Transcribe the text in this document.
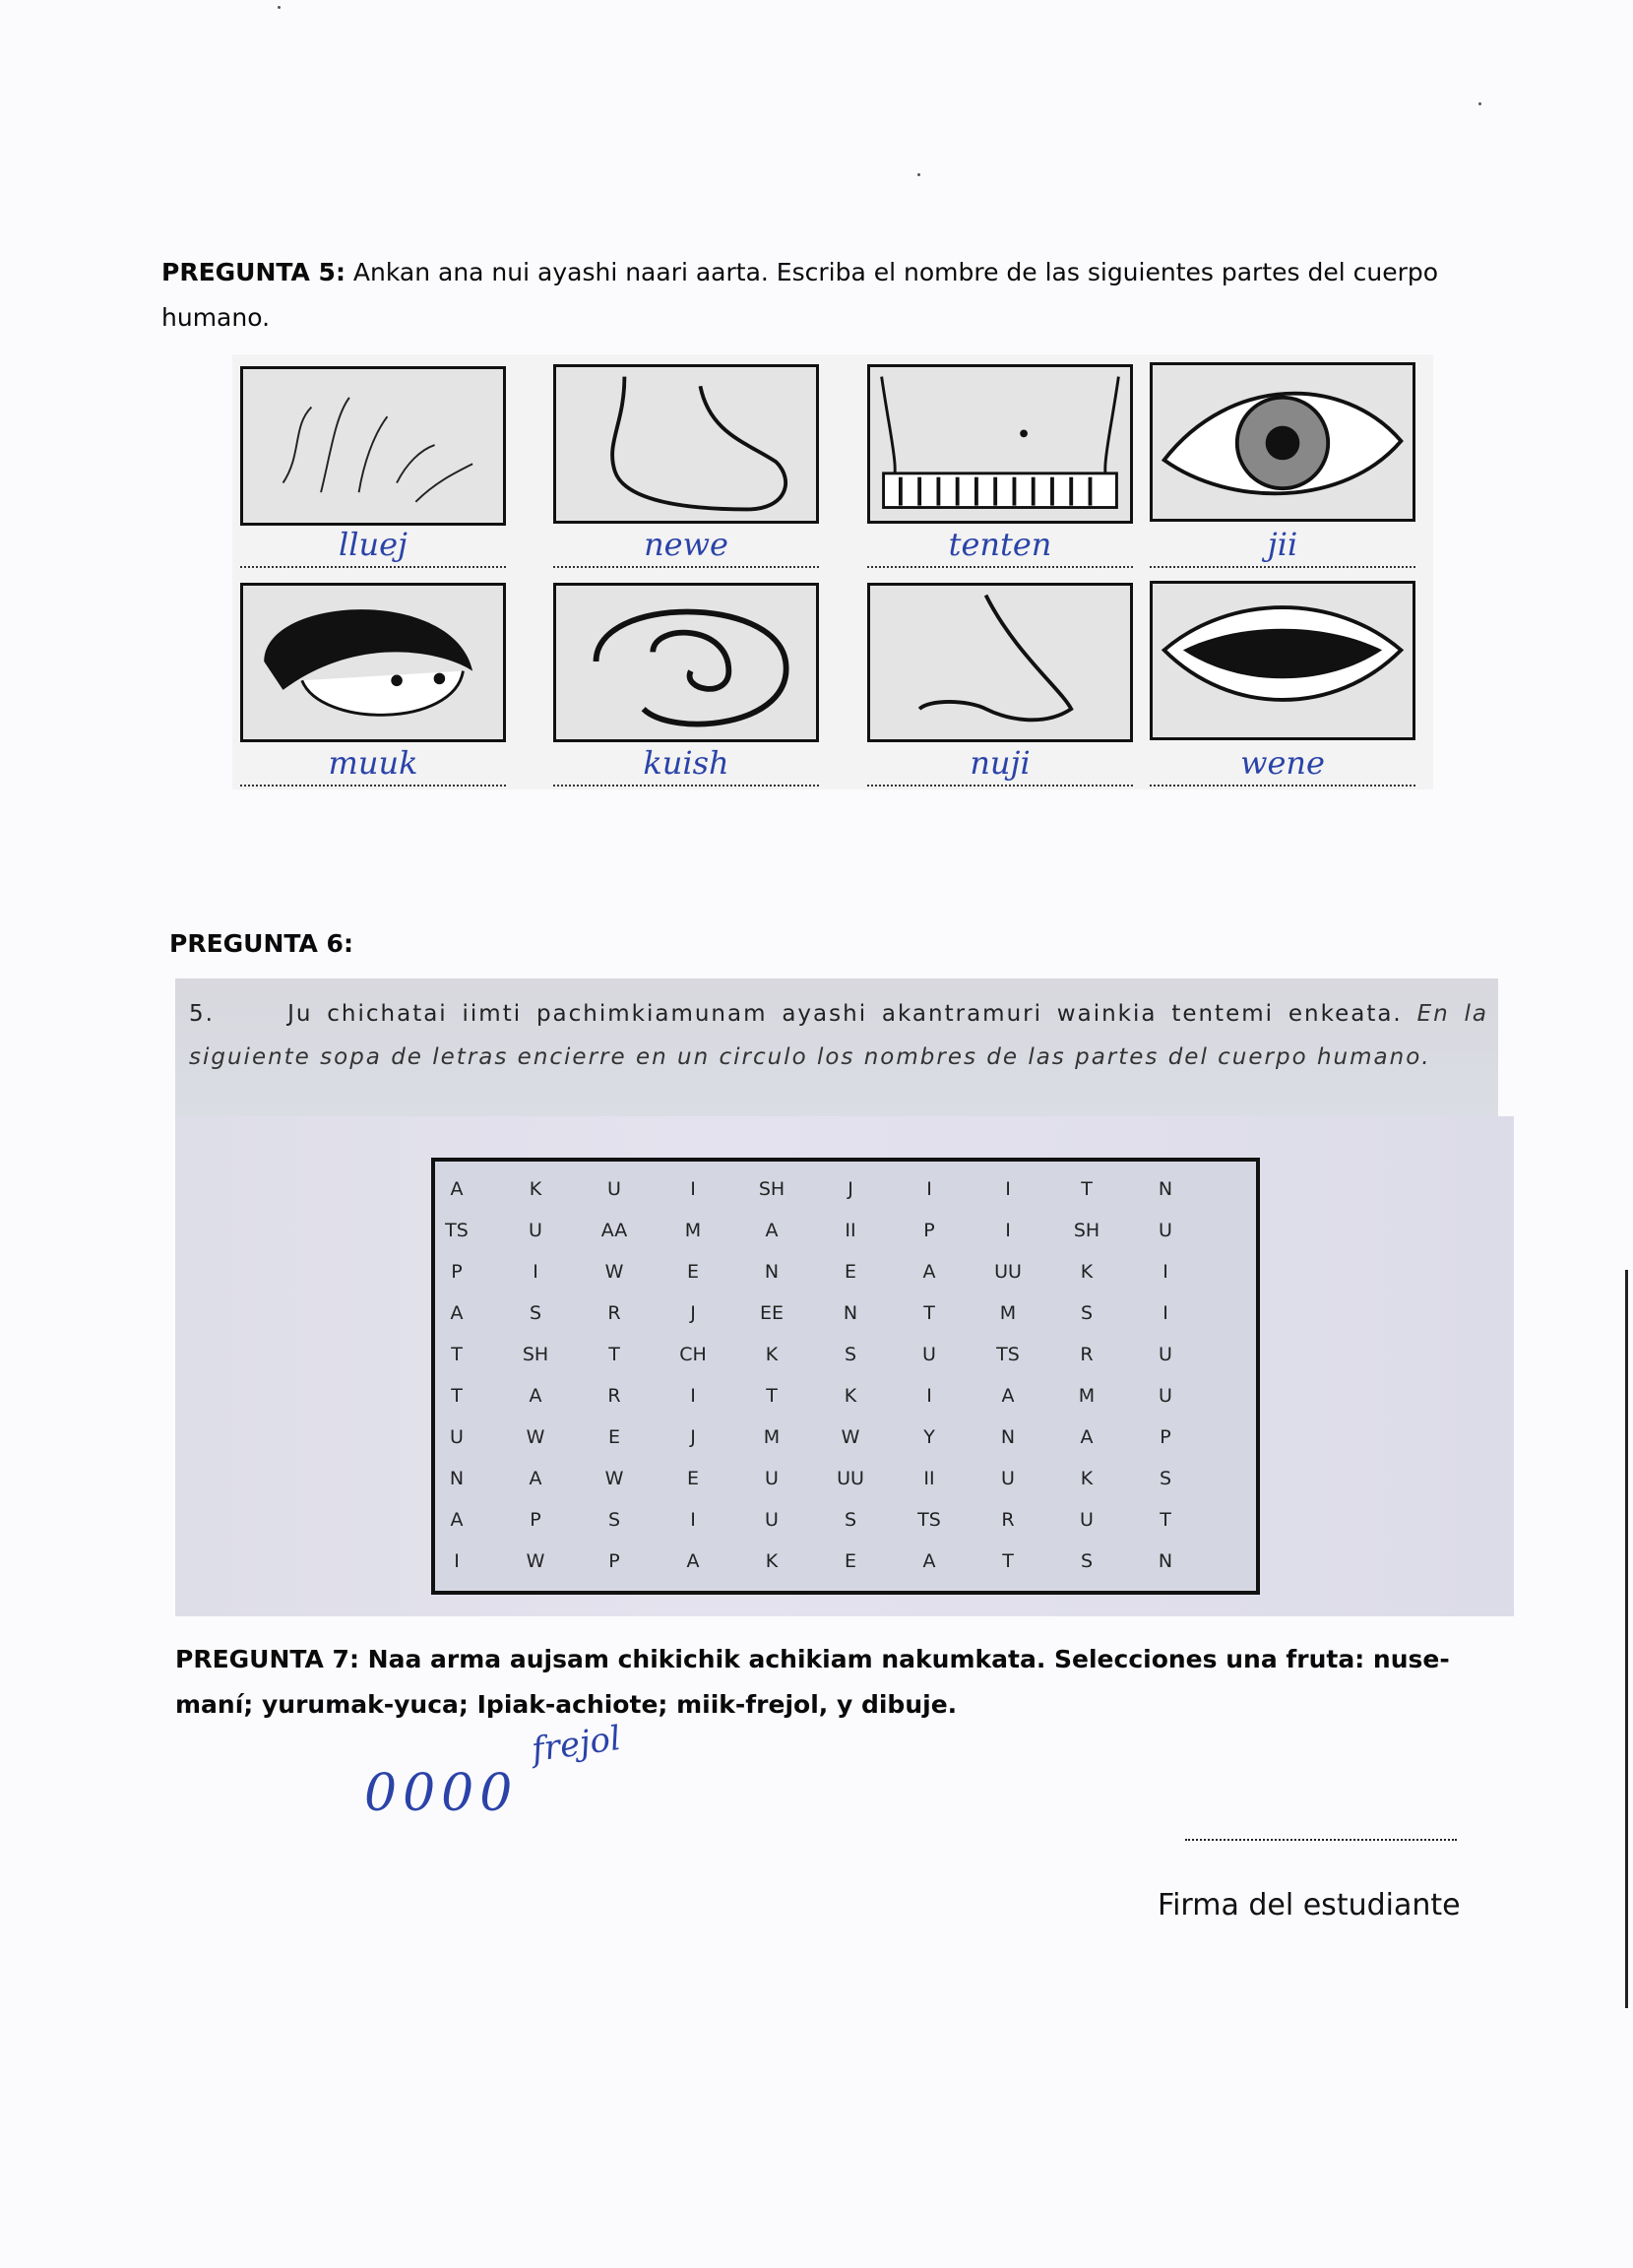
PREGUNTA 5: Ankan ana nui ayashi naari aarta. Escriba el nombre de las siguientes partes del cuerpo humano.
lluej	newe	tenten	jii
muuk	kuish	nuji	wene
PREGUNTA 6:

5.	Ju chichatai iimti pachimkiamunam ayashi akantramuri wainkia tentemi enkeata. En la siguiente sopa de letras encierre en un circulo los nombres de las partes del cuerpo humano.

A	K	U	I	SH	J	I	I	T	N
TS	U	AA	M	A	II	P	I	SH	U
P	I	W	E	N	E	A	UU	K	I
A	S	R	J	EE	N	T	M	S	I
T	SH	T	CH	K	S	U	TS	R	U
T	A	R	I	T	K	I	A	M	U
U	W	E	J	M	W	Y	N	A	P
N	A	W	E	U	UU	II	U	K	S
A	P	S	I	U	S	TS	R	U	T
I	W	P	A	K	E	A	T	S	N
PREGUNTA 7: Naa arma aujsam chikichik achikiam nakumkata. Selecciones una fruta: nuse-maní; yurumak-yuca; Ipiak-achiote; miik-frejol, y dibuje.
frejol
0000
Firma del estudiante
